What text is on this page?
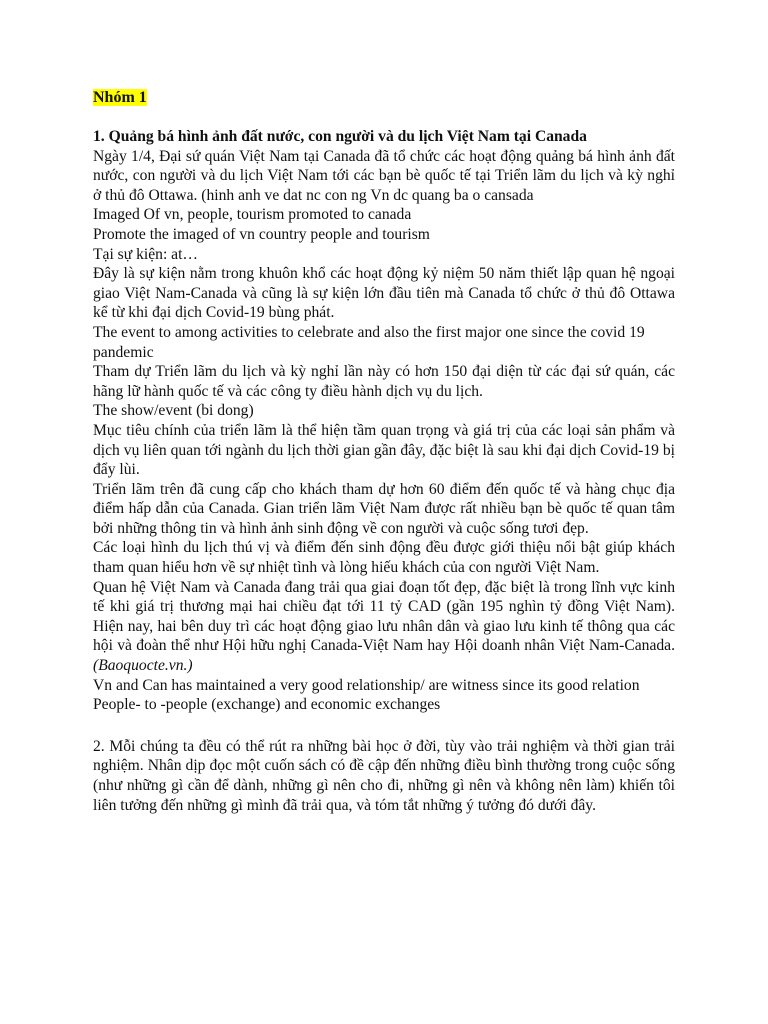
Nhóm 1

1. Quảng bá hình ảnh đất nước, con người và du lịch Việt Nam tại Canada

Ngày 1/4, Đại sứ quán Việt Nam tại Canada đã tổ chức các hoạt động quảng bá hình ảnh đất nước, con người và du lịch Việt Nam tới các bạn bè quốc tế tại Triển lãm du lịch và kỳ nghỉ ở thủ đô Ottawa. (hinh anh ve dat nc con ng Vn dc quang ba o cansada

Imaged Of vn, people, tourism promoted to canada

Promote the imaged of vn country people and tourism

Tại sự kiện: at…

Đây là sự kiện nằm trong khuôn khổ các hoạt động kỷ niệm 50 năm thiết lập quan hệ ngoại giao Việt Nam-Canada và cũng là sự kiện lớn đầu tiên mà Canada tổ chức ở thủ đô Ottawa kể từ khi đại dịch Covid-19 bùng phát.

The event to among activities to celebrate and also the first major one since the covid 19 pandemic

Tham dự Triển lãm du lịch và kỳ nghỉ lần này có hơn 150 đại diện từ các đại sứ quán, các hãng lữ hành quốc tế và các công ty điều hành dịch vụ du lịch.

The show/event (bi dong)

Mục tiêu chính của triển lãm là thể hiện tầm quan trọng và giá trị của các loại sản phẩm và dịch vụ liên quan tới ngành du lịch thời gian gần đây, đặc biệt là sau khi đại dịch Covid-19 bị đẩy lùi.

Triển lãm trên đã cung cấp cho khách tham dự hơn 60 điểm đến quốc tế và hàng chục địa điểm hấp dẫn của Canada. Gian triển lãm Việt Nam được rất nhiều bạn bè quốc tế quan tâm bởi những thông tin và hình ảnh sinh động về con người và cuộc sống tươi đẹp.

Các loại hình du lịch thú vị và điểm đến sinh động đều được giới thiệu nổi bật giúp khách tham quan hiểu hơn về sự nhiệt tình và lòng hiếu khách của con người Việt Nam.

Quan hệ Việt Nam và Canada đang trải qua giai đoạn tốt đẹp, đặc biệt là trong lĩnh vực kinh tế khi giá trị thương mại hai chiều đạt tới 11 tỷ CAD (gần 195 nghìn tỷ đồng Việt Nam). Hiện nay, hai bên duy trì các hoạt động giao lưu nhân dân và giao lưu kinh tế thông qua các hội và đoàn thể như Hội hữu nghị Canada-Việt Nam hay Hội doanh nhân Việt Nam-Canada. (Baoquocte.vn.)

Vn and Can has maintained a very good relationship/ are witness since its good relation

People- to -people (exchange) and economic exchanges

2. Mỗi chúng ta đều có thể rút ra những bài học ở đời, tùy vào trải nghiệm và thời gian trải nghiệm. Nhân dịp đọc một cuốn sách có đề cập đến những điều bình thường trong cuộc sống (như những gì cần để dành, những gì nên cho đi, những gì nên và không nên làm) khiến tôi liên tưởng đến những gì mình đã trải qua, và tóm tắt những ý tưởng đó dưới đây.
